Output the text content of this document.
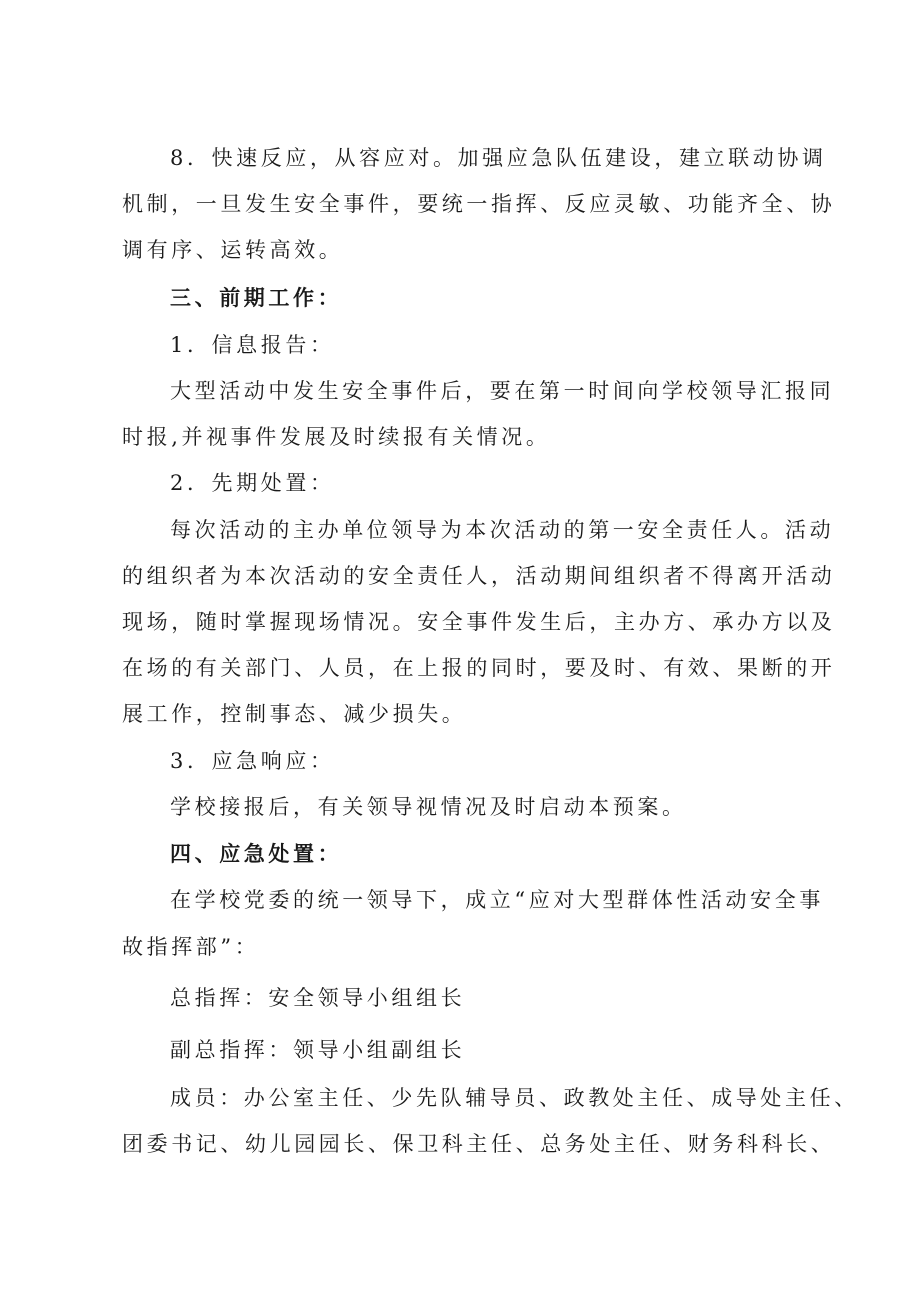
8．快速反应，从容应对。加强应急队伍建设，建立联动协调
机制，一旦发生安全事件，要统一指挥、反应灵敏、功能齐全、协
调有序、运转高效。
三、前期工作：
1．信息报告：
大型活动中发生安全事件后，要在第一时间向学校领导汇报同
时报,并视事件发展及时续报有关情况。
2．先期处置：
每次活动的主办单位领导为本次活动的第一安全责任人。活动
的组织者为本次活动的安全责任人，活动期间组织者不得离开活动
现场，随时掌握现场情况。安全事件发生后，主办方、承办方以及
在场的有关部门、人员，在上报的同时，要及时、有效、果断的开
展工作，控制事态、减少损失。
3．应急响应：
学校接报后，有关领导视情况及时启动本预案。
四、应急处置：
在学校党委的统一领导下，成立“应对大型群体性活动安全事
故指挥部”：
总指挥：安全领导小组组长
副总指挥：领导小组副组长
成员：办公室主任、少先队辅导员、政教处主任、成导处主任、
团委书记、幼儿园园长、保卫科主任、总务处主任、财务科科长、
